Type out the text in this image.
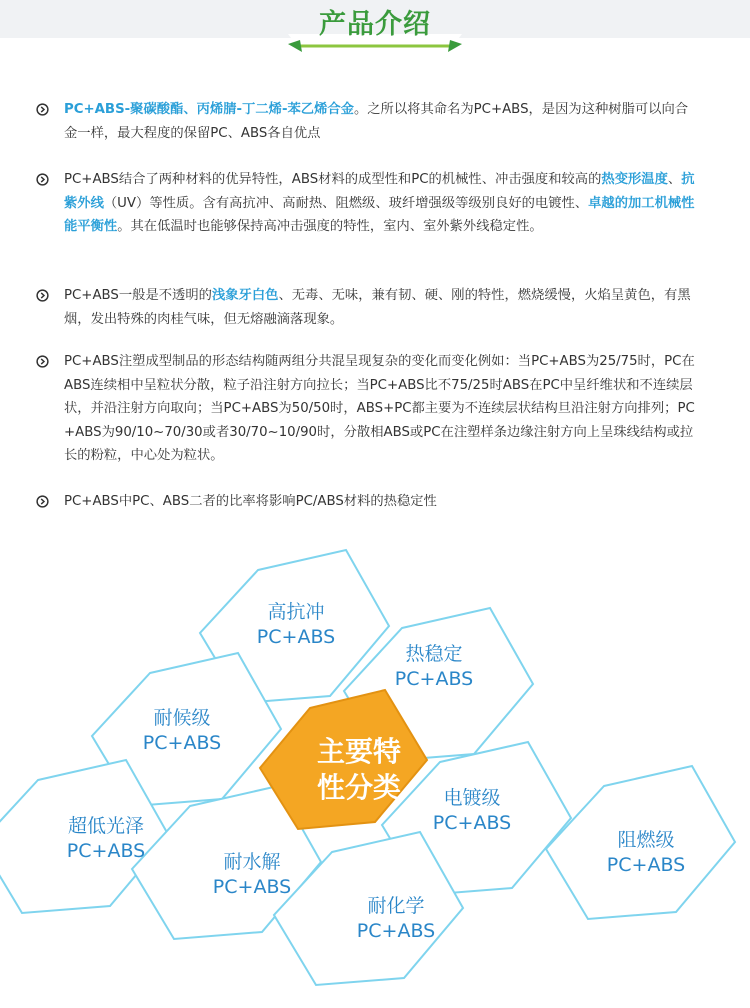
产品介绍
PC+ABS-聚碳酸酯、丙烯腈-丁二烯-苯乙烯合金。之所以将其命名为PC+ABS，是因为这种树脂可以向合金一样，最大程度的保留PC、ABS各自优点
PC+ABS结合了两种材料的优异特性，ABS材料的成型性和PC的机械性、冲击强度和较高的热变形温度、抗紫外线（UV）等性质。含有高抗冲、高耐热、阻燃级、玻纤增强级等级别良好的电镀性、卓越的加工机械性能平衡性。其在低温时也能够保持高冲击强度的特性，室内、室外紫外线稳定性。
PC+ABS一般是不透明的浅象牙白色、无毒、无味，兼有韧、硬、刚的特性，燃烧缓慢，火焰呈黄色，有黑烟，发出特殊的肉桂气味，但无熔融滴落现象。
PC+ABS注塑成型制品的形态结构随两组分共混呈现复杂的变化而变化例如：当PC+ABS为25/75时，PC在ABS连续相中呈粒状分散，粒子沿注射方向拉长；当PC+ABS比不75/25时ABS在PC中呈纤维状和不连续层状，并沿注射方向取向；当PC+ABS为50/50时，ABS+PC都主要为不连续层状结构旦沿注射方向排列；PC+ABS为90/10~70/30或者30/70~10/90时，分散相ABS或PC在注塑样条边缘注射方向上呈珠线结构或拉长的粉粒，中心处为粒状。
PC+ABS中PC、ABS二者的比率将影响PC/ABS材料的热稳定性
高抗冲
PC+ABS
热稳定
PC+ABS
耐候级
PC+ABS
电镀级
PC+ABS
超低光泽
PC+ABS	耐水解
PC+ABS
阻燃级
PC+ABS
耐化学
PC+ABS
主要特
性分类
